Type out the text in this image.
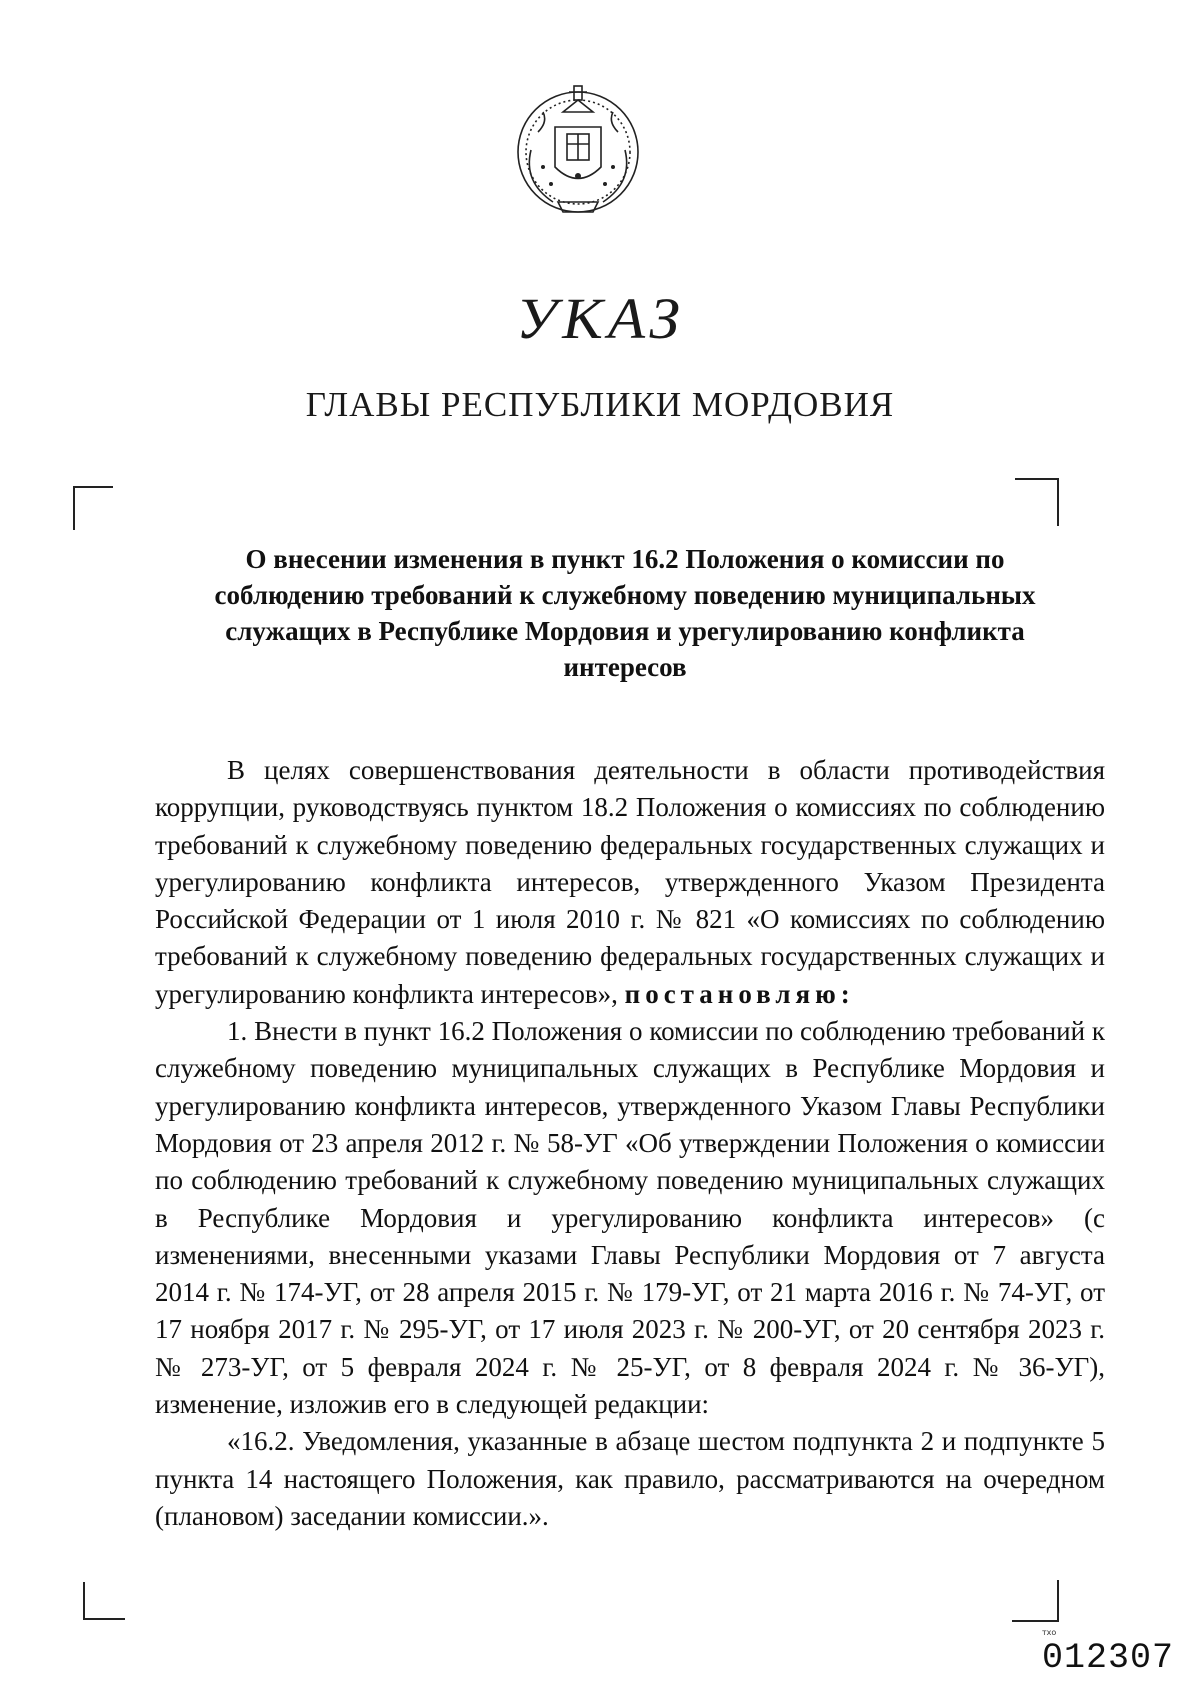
УКАЗ
ГЛАВЫ РЕСПУБЛИКИ МОРДОВИЯ
О внесении изменения в пункт 16.2 Положения о комиссии по
соблюдению требований к служебному поведению муниципальных
служащих в Республике Мордовия и урегулированию конфликта
интересов

В целях совершенствования деятельности в области противодействия коррупции, руководствуясь пунктом 18.2 Положения о комиссиях по соблюдению требований к служебному поведению федеральных государственных служащих и урегулированию конфликта интересов, утвержденного Указом Президента Российской Федерации от 1 июля 2010 г. № 821 «О комиссиях по соблюдению требований к служебному поведению федеральных государственных служащих и урегулированию конфликта интересов», постановляю:

1. Внести в пункт 16.2 Положения о комиссии по соблюдению требований к служебному поведению муниципальных служащих в Республике Мордовия и урегулированию конфликта интересов, утвержденного Указом Главы Республики Мордовия от 23 апреля 2012 г. № 58-УГ «Об утверждении Положения о комиссии по соблюдению требований к служебному поведению муниципальных служащих в Республике Мордовия и урегулированию конфликта интересов» (с изменениями, внесенными указами Главы Республики Мордовия от 7 августа 2014 г. № 174-УГ, от 28 апреля 2015 г. № 179-УГ, от 21 марта 2016 г. № 74-УГ, от 17 ноября 2017 г. № 295-УГ, от 17 июля 2023 г. № 200-УГ, от 20 сентября 2023 г. № 273-УГ, от 5 февраля 2024 г. № 25-УГ, от 8 февраля 2024 г. № 36-УГ), изменение, изложив его в следующей редакции:

«16.2. Уведомления, указанные в абзаце шестом подпункта 2 и подпункте 5 пункта 14 настоящего Положения, как правило, рассматриваются на очередном (плановом) заседании комиссии.».

тхо
012307
